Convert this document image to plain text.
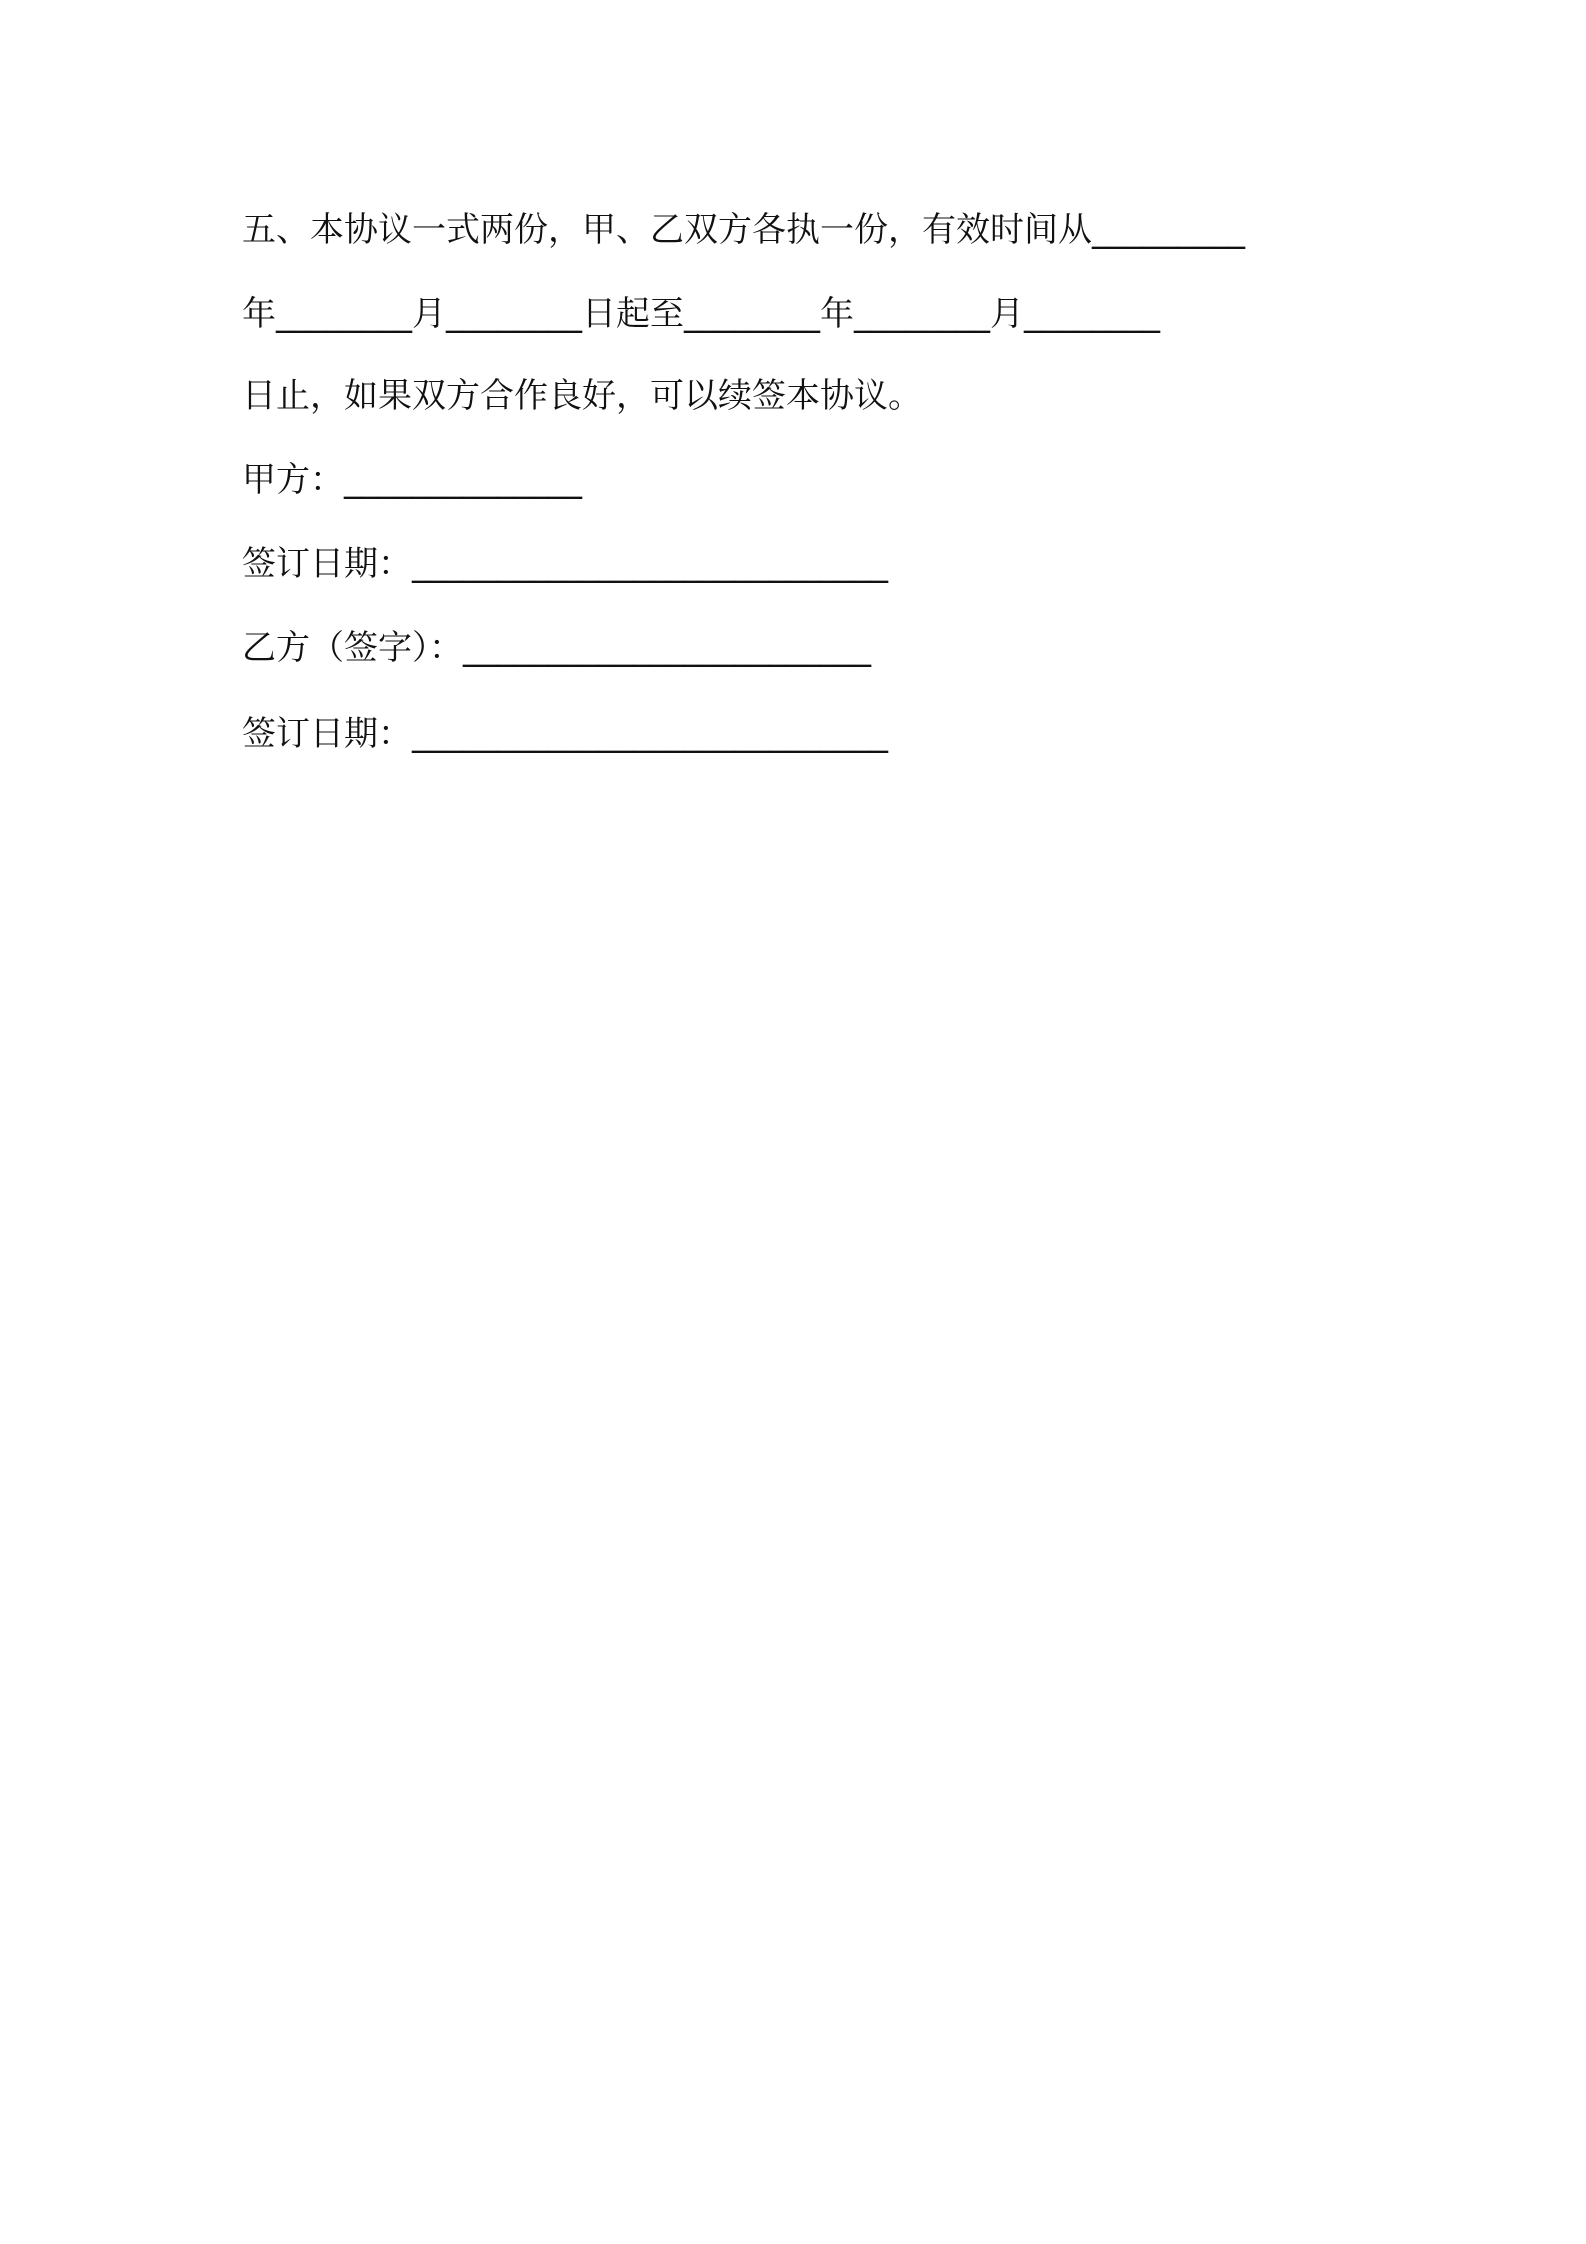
五、本协议一式两份，甲、乙双方各执一份，有效时间从_________
年________月________日起至________年________月________
日止，如果双方合作良好，可以续签本协议。
甲方：______________
签订日期：____________________________
乙方（签字）：________________________
签订日期：____________________________
